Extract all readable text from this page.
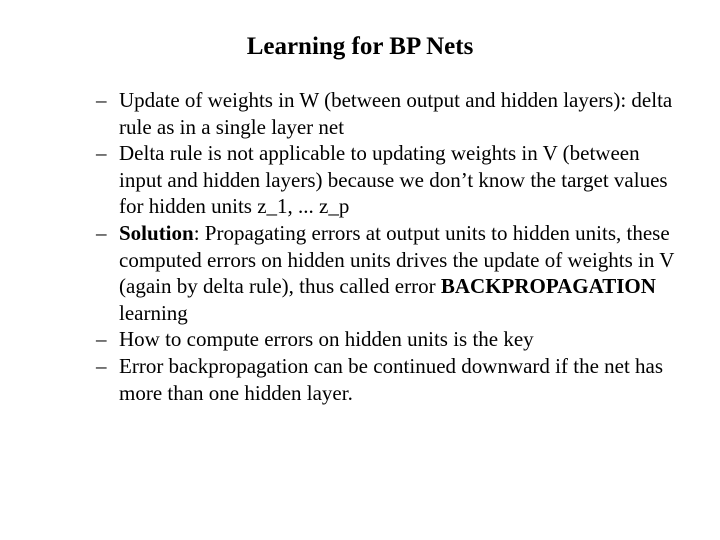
Learning for BP Nets
– Update of weights in W (between output and hidden layers): delta rule as in a single layer net
– Delta rule is not applicable to updating weights in V (between input and hidden layers) because we don’t know the target values for hidden units z_1, ... z_p
– Solution: Propagating errors at output units to hidden units, these computed errors on hidden units drives the update of weights in V (again by delta rule), thus called error BACKPROPAGATION learning
– How to compute errors on hidden units is the key
– Error backpropagation can be continued downward if the net has more than one hidden layer.
